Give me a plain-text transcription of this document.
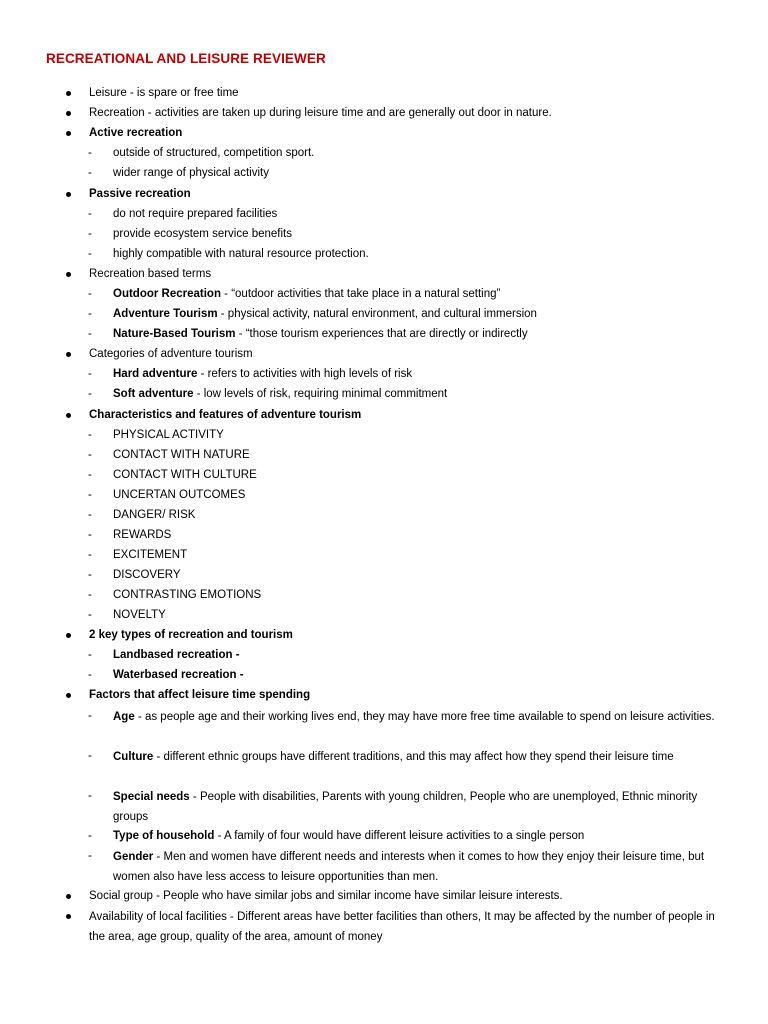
RECREATIONAL AND LEISURE REVIEWER
Leisure - is spare or free time
Recreation - activities are taken up during leisure time and are generally out door in nature.
Active recreation
- outside of structured, competition sport.
- wider range of physical activity
Passive recreation
- do not require prepared facilities
- provide ecosystem service benefits
- highly compatible with natural resource protection.
Recreation based terms
- Outdoor Recreation - “outdoor activities that take place in a natural setting”
- Adventure Tourism - physical activity, natural environment, and cultural immersion
- Nature-Based Tourism - “those tourism experiences that are directly or indirectly
Categories of adventure tourism
- Hard adventure - refers to activities with high levels of risk
- Soft adventure - low levels of risk, requiring minimal commitment
Characteristics and features of adventure tourism
- PHYSICAL ACTIVITY
- CONTACT WITH NATURE
- CONTACT WITH CULTURE
- UNCERTAN OUTCOMES
- DANGER/ RISK
- REWARDS
- EXCITEMENT
- DISCOVERY
- CONTRASTING EMOTIONS
- NOVELTY
2 key types of recreation and tourism
- Landbased recreation -
- Waterbased recreation -
Factors that affect leisure time spending
- Age - as people age and their working lives end, they may have more free time available to spend on leisure activities.
- Culture - different ethnic groups have different traditions, and this may affect how they spend their leisure time
- Special needs - People with disabilities, Parents with young children, People who are unemployed, Ethnic minority groups
- Type of household - A family of four would have different leisure activities to a single person
- Gender - Men and women have different needs and interests when it comes to how they enjoy their leisure time, but women also have less access to leisure opportunities than men.
Social group - People who have similar jobs and similar income have similar leisure interests.
Availability of local facilities - Different areas have better facilities than others, It may be affected by the number of people in the area, age group, quality of the area, amount of money
